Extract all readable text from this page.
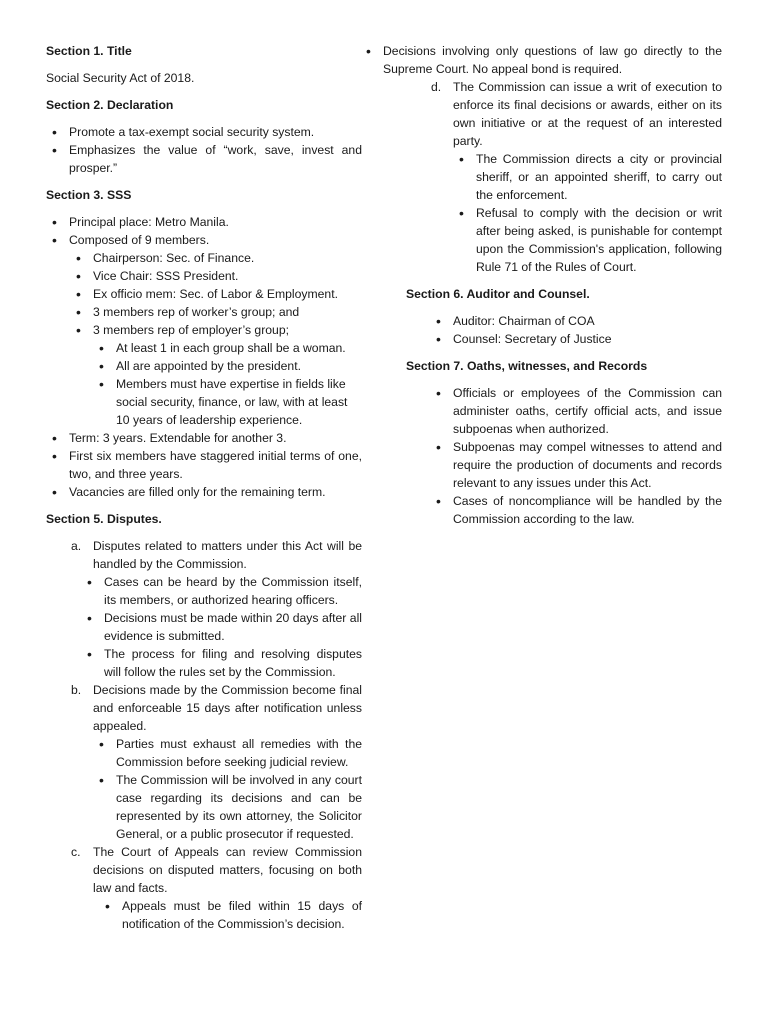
Section 1. Title
Social Security Act of 2018.
Section 2. Declaration
• Promote a tax-exempt social security system.
• Emphasizes the value of “work, save, invest and prosper.”
Section 3. SSS
• Principal place: Metro Manila.
• Composed of 9 members.
• Chairperson: Sec. of Finance.
• Vice Chair: SSS President.
• Ex officio mem: Sec. of Labor & Employment.
• 3 members rep of worker’s group; and
• 3 members rep of employer’s group;
• At least 1 in each group shall be a woman.
• All are appointed by the president.
• Members must have expertise in fields like social security, finance, or law, with at least 10 years of leadership experience.
• Term: 3 years. Extendable for another 3.
• First six members have staggered initial terms of one, two, and three years.
• Vacancies are filled only for the remaining term.
Section 5. Disputes.
a. Disputes related to matters under this Act will be handled by the Commission.
• Cases can be heard by the Commission itself, its members, or authorized hearing officers.
• Decisions must be made within 20 days after all evidence is submitted.
• The process for filing and resolving disputes will follow the rules set by the Commission.
b. Decisions made by the Commission become final and enforceable 15 days after notification unless appealed.
• Parties must exhaust all remedies with the Commission before seeking judicial review.
• The Commission will be involved in any court case regarding its decisions and can be represented by its own attorney, the Solicitor General, or a public prosecutor if requested.
c. The Court of Appeals can review Commission decisions on disputed matters, focusing on both law and facts.
• Appeals must be filed within 15 days of notification of the Commission’s decision.
• Decisions involving only questions of law go directly to the Supreme Court. No appeal bond is required.
d. The Commission can issue a writ of execution to enforce its final decisions or awards, either on its own initiative or at the request of an interested party.
• The Commission directs a city or provincial sheriff, or an appointed sheriff, to carry out the enforcement.
• Refusal to comply with the decision or writ after being asked, is punishable for contempt upon the Commission's application, following Rule 71 of the Rules of Court.
Section 6. Auditor and Counsel.
• Auditor: Chairman of COA
• Counsel: Secretary of Justice
Section 7. Oaths, witnesses, and Records
• Officials or employees of the Commission can administer oaths, certify official acts, and issue subpoenas when authorized.
• Subpoenas may compel witnesses to attend and require the production of documents and records relevant to any issues under this Act.
• Cases of noncompliance will be handled by the Commission according to the law.
